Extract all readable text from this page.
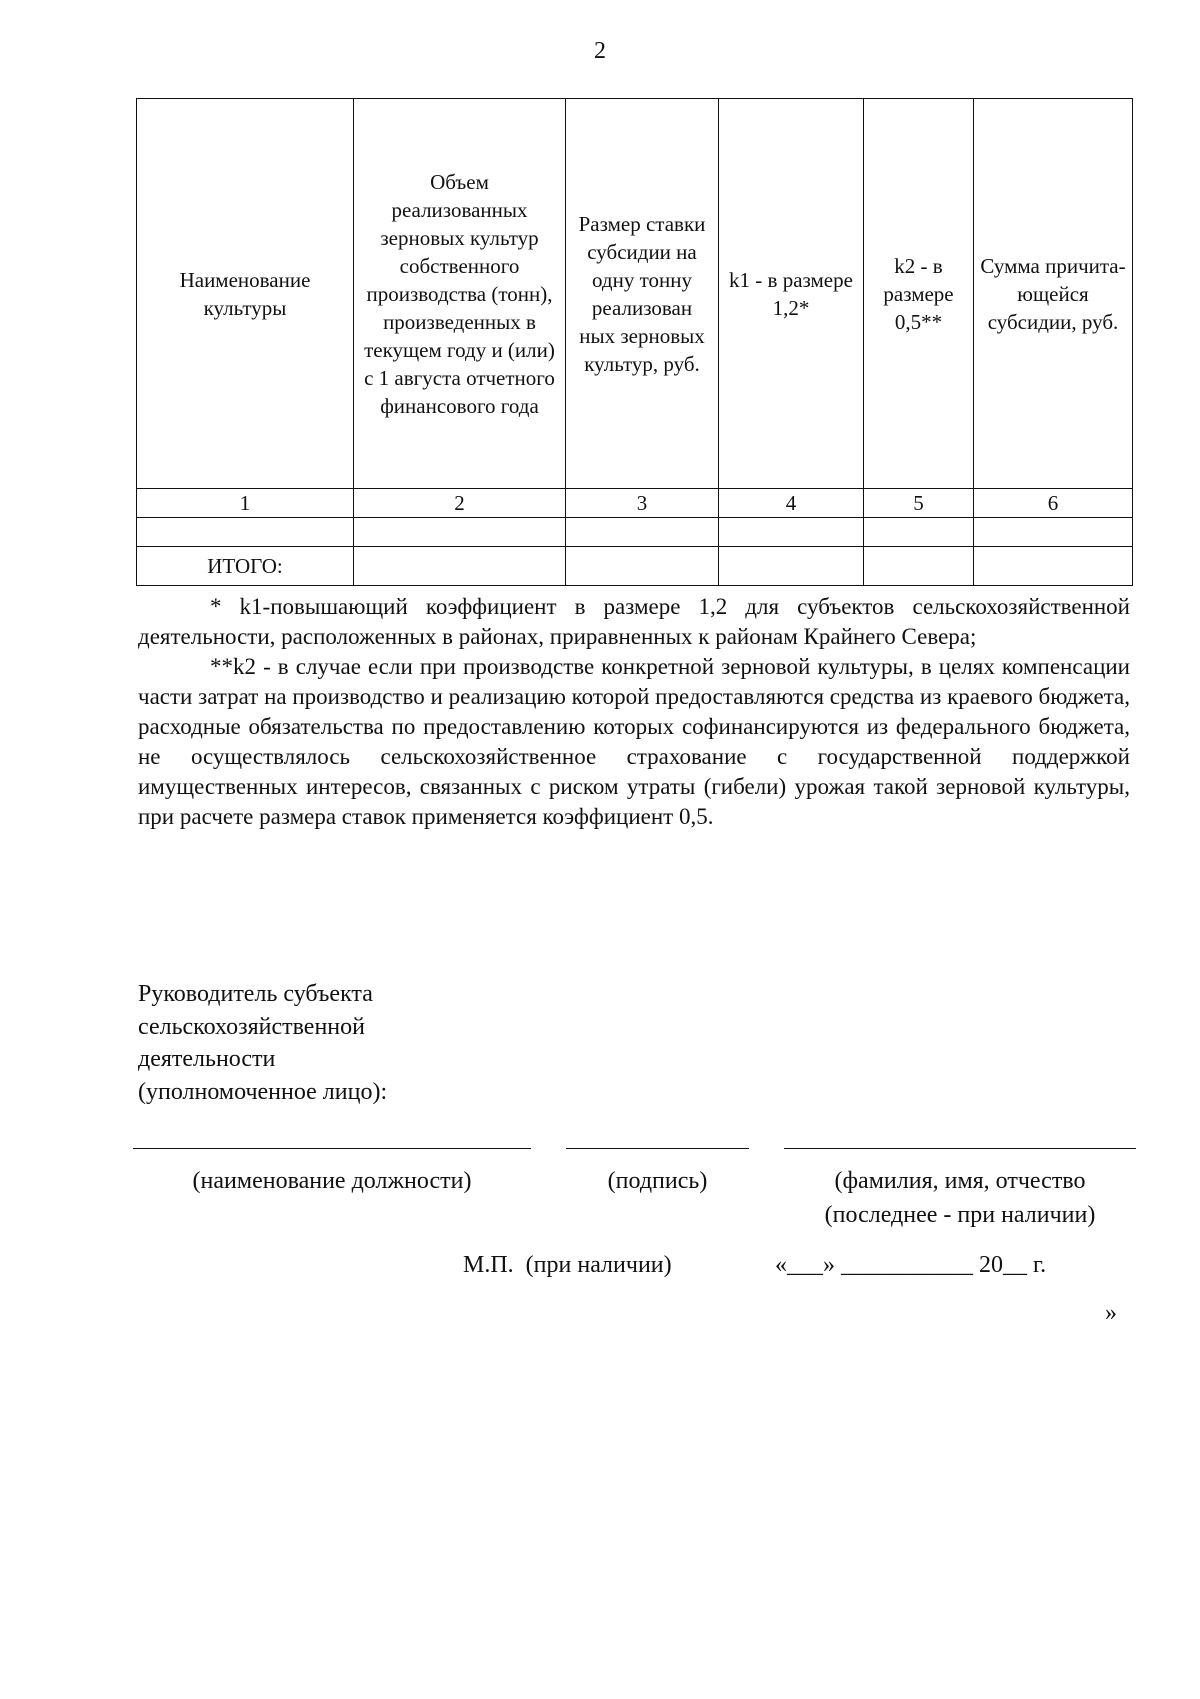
2
Наименование культуры	Объем реализованных зерновых культур собственного производства (тонн), произведенных в текущем году и (или) с 1 августа отчетного финансового года	Размер ставки субсидии на одну тонну реализован ных зерновых культур, руб.	k1 - в размере 1,2*	k2 - в размере 0,5**	Сумма причита- ющейся субсидии, руб.
1	2	3	4	5	6

ИТОГО:					

* k1-повышающий коэффициент в размере 1,2 для субъектов сельскохозяйственной деятельности, расположенных в районах, приравненных к районам Крайнего Севера;

**k2 - в случае если при производстве конкретной зерновой культуры, в целях компенсации части затрат на производство и реализацию которой предоставляются средства из краевого бюджета, расходные обязательства по предоставлению которых софинансируются из федерального бюджета, не осуществлялось сельскохозяйственное страхование с государственной поддержкой имущественных интересов, связанных с риском утраты (гибели) урожая такой зерновой культуры, при расчете размера ставок применяется коэффициент 0,5.

Руководитель субъекта
сельскохозяйственной
деятельности
(уполномоченное лицо):
(наименование должности)	(подпись)	(фамилия, имя, отчество
(последнее - при наличии)
М.П.  (при наличии)	«___» ___________ 20__ г.
»
